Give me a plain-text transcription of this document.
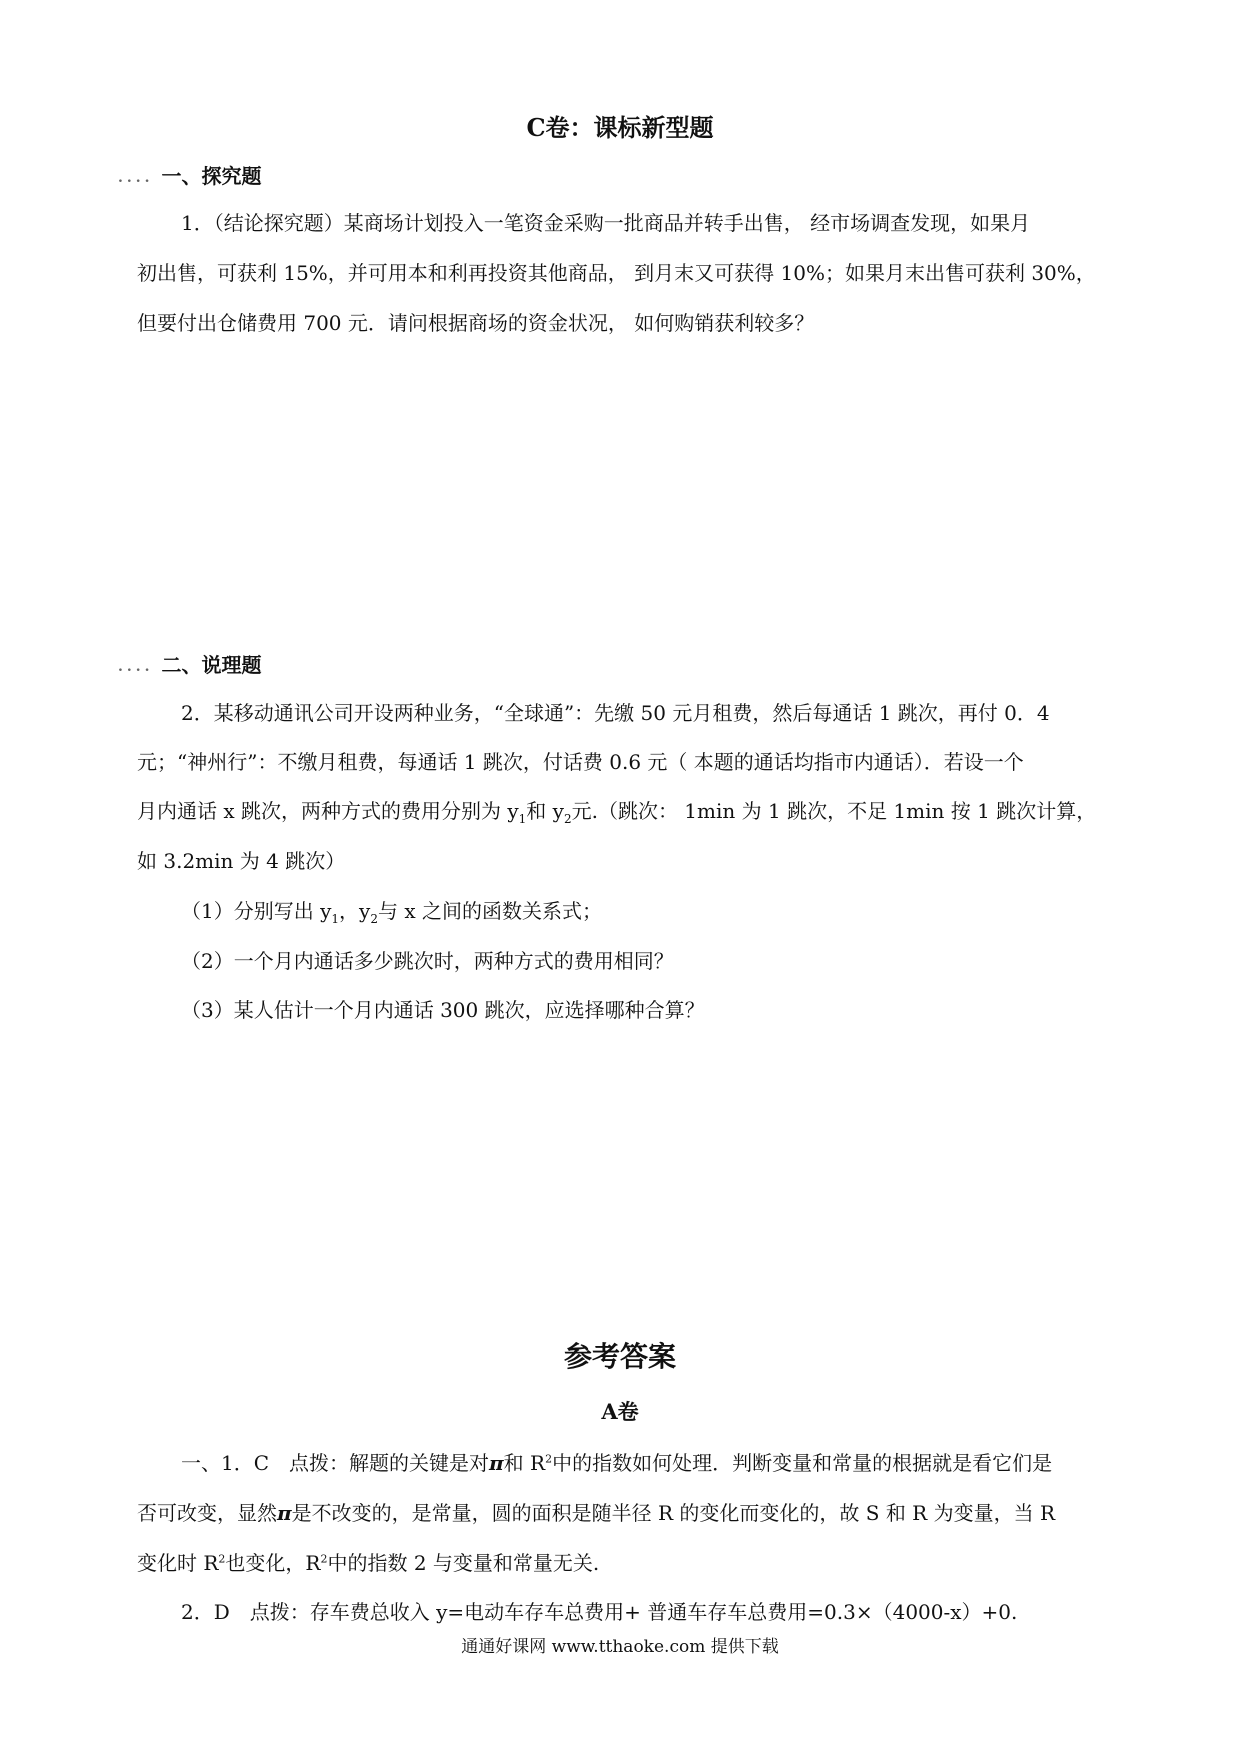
C卷：课标新型题
.... 一、探究题
1．（结论探究题）某商场计划投入一笔资金采购一批商品并转手出售， 经市场调查发现，如果月
初出售，可获利 15%，并可用本和利再投资其他商品， 到月末又可获得 10%；如果月末出售可获利 30%，
但要付出仓储费用 700 元．请问根据商场的资金状况， 如何购销获利较多？
.... 二、说理题
2．某移动通讯公司开设两种业务，“全球通”：先缴 50 元月租费，然后每通话 1 跳次，再付 0．4
元；“神州行”：不缴月租费，每通话 1 跳次，付话费 0.6 元（ 本题的通话均指市内通话）．若设一个
月内通话 x 跳次，两种方式的费用分别为 $y_1$和 $y_2$元.（跳次： 1min 为 1 跳次，不足 1min 按 1 跳次计算，
如 3.2min 为 4 跳次）
（1）分别写出 $y_1$，$y_2$与 x 之间的函数关系式；
（2）一个月内通话多少跳次时，两种方式的费用相同？
（3）某人估计一个月内通话 300 跳次，应选择哪种合算？
参考答案
A卷
一、1．C　点拨：解题的关键是对π和 $R^2$中的指数如何处理．判断变量和常量的根据就是看它们是
否可改变，显然π是不改变的，是常量，圆的面积是随半径 R 的变化而变化的，故 S 和 R 为变量，当 R
变化时 $R^2$也变化，$R^2$中的指数 2 与变量和常量无关.
2．D　点拨：存车费总收入 y=电动车存车总费用+ 普通车存车总费用=0.3×（4000-x）+0.
通通好课网 www.tthaoke.com 提供下载
